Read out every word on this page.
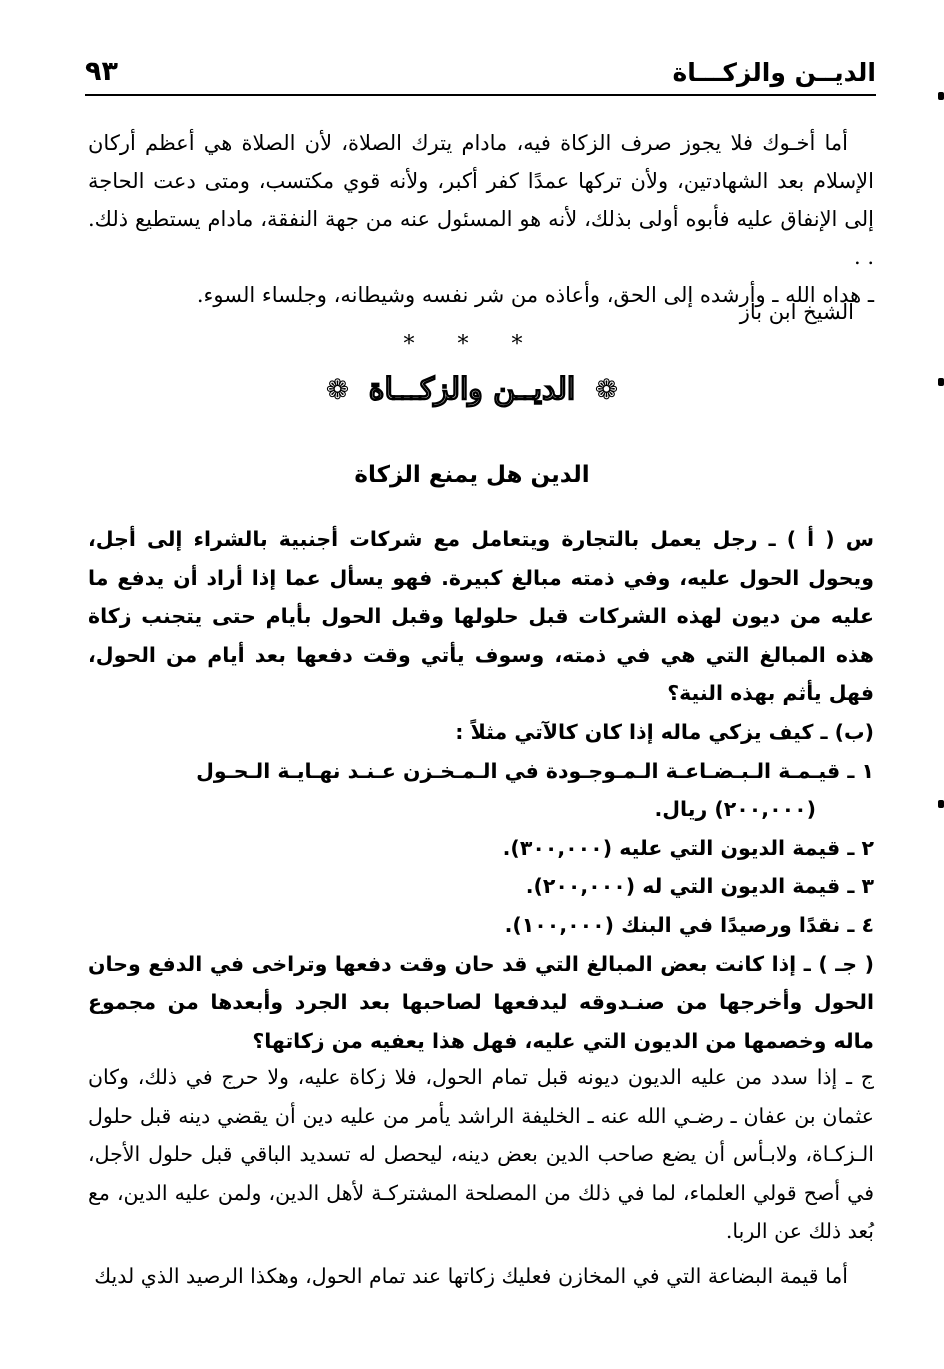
الديــن والزكـــاة
٩٣

أما أخـوك فلا يجوز صرف الزكاة فيه، مادام يترك الصلاة، لأن الصلاة هي أعظم أركان الإسلام بعد الشهادتين، ولأن تركها عمدًا كفر أكبر، ولأنه قوي مكتسب، ومتى دعت الحاجة إلى الإنفاق عليه فأبوه أولى بذلك، لأنه هو المسئول عنه من جهة النفقة، مادام يستطيع ذلك. . .

ـ هداه الله ـ وأرشده إلى الحق، وأعاذه من شر نفسه وشيطانه، وجلساء السوء.

الشيخ ابن باز
* * *
❁ الديــن والزكـــاة ❁
الدين هل يمنع الزكاة

س ( أ ) ـ رجل يعمل بالتجارة ويتعامل مع شركات أجنبية بالشراء إلى أجل، ويحول الحول عليه، وفي ذمته مبالغ كبيرة. فهو يسأل عما إذا أراد أن يدفع ما عليه من ديون لهذه الشركات قبل حلولها وقبل الحول بأيام حتى يتجنب زكاة هذه المبالغ التي هي في ذمته، وسوف يأتي وقت دفعها بعد أيام من الحول، فهل يأثم بهذه النية؟

(ب) ـ كيف يزكي ماله إذا كان كالآتي مثلاً :

١ ـ قيـمـة الـبـضـاعـة الـمـوجـودة في الـمـخـزن عـنـد نهـايـة الـحـول

(٢٠٠,٠٠٠) ريال.

٢ ـ قيمة الديون التي عليه (٣٠٠,٠٠٠).

٣ ـ قيمة الديون التي له (٢٠٠,٠٠٠).

٤ ـ نقدًا ورصيدًا في البنك (١٠٠,٠٠٠).

( جـ ) ـ إذا كانت بعض المبالغ التي قد حان وقت دفعها وتراخى في الدفع وحان الحول وأخرجها من صنـدوقه ليدفعها لصاحبها بعد الجرد وأبعدها من مجموع ماله وخصمها من الديون التي عليه، فهل هذا يعفيه من زكاتها؟

ج ـ إذا سدد من عليه الديون ديونه قبل تمام الحول، فلا زكاة عليه، ولا حرج في ذلك، وكان عثمان بن عفان ـ رضـي الله عنه ـ الخليفة الراشد يأمر من عليه دين أن يقضي دينه قبل حلول الـزكـاة، ولابـأس أن يضع صاحب الدين بعض دينه، ليحصل له تسديد الباقي قبل حلول الأجل، في أصح قولي العلماء، لما في ذلك من المصلحة المشتركـة لأهل الدين، ولمن عليه الدين، مع بُعد ذلك عن الربا.

أما قيمة البضاعة التي في المخازن فعليك زكاتها عند تمام الحول، وهكذا الرصيد الذي لديك
